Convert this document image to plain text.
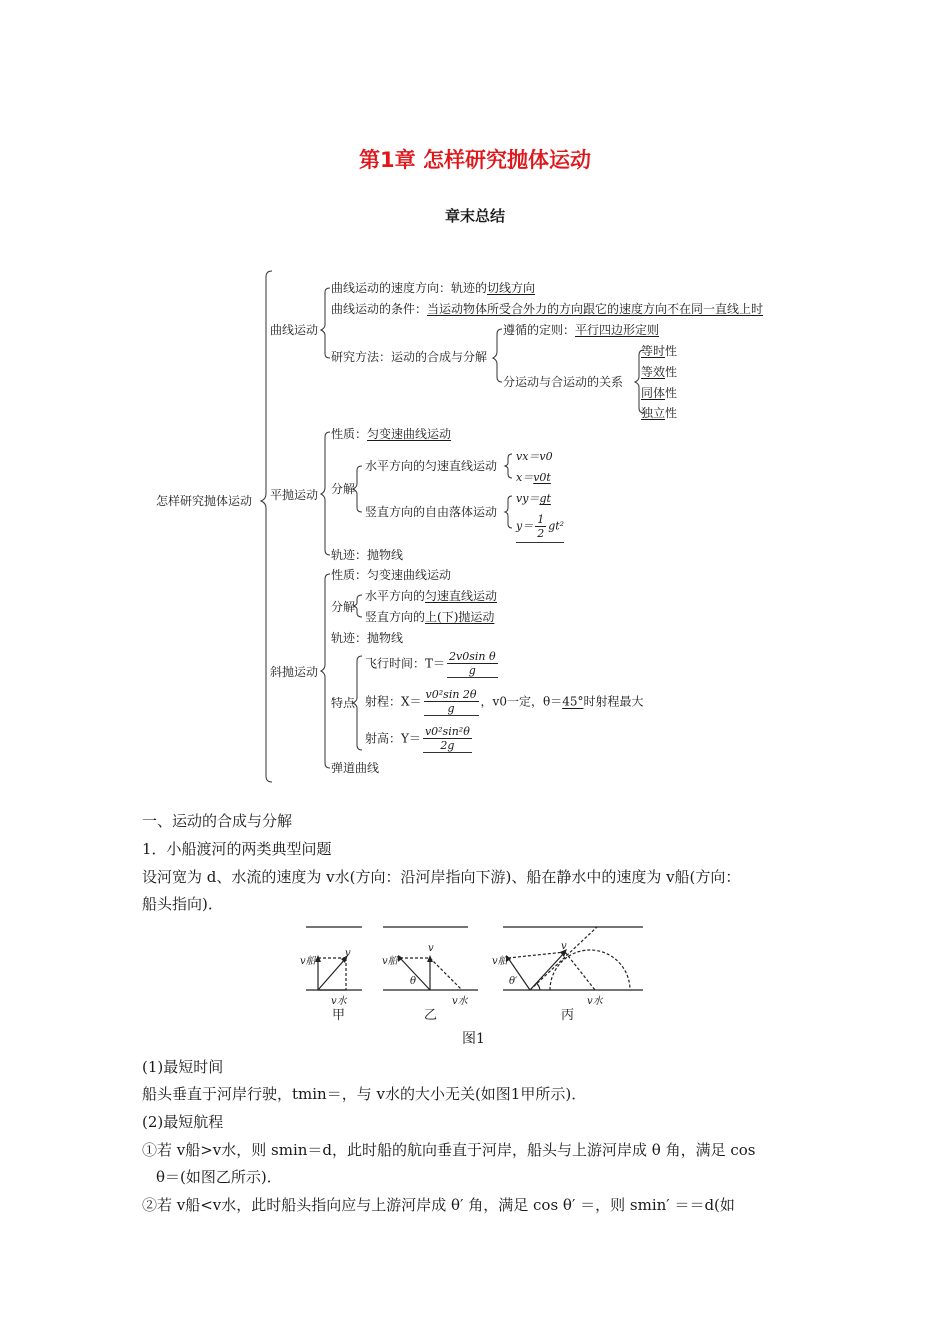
第1章 怎样研究抛体运动
章末总结
怎样研究抛体运动
曲线运动
曲线运动的速度方向：轨迹的切线方向
曲线运动的条件：当运动物体所受合外力的方向跟它的速度方向不在同一直线上时
研究方法：运动的合成与分解
遵循的定则：平行四边形定则
分运动与合运动的关系
等时性
等效性
同体性
独立性
平抛运动
性质：匀变速曲线运动
分解
水平方向的匀速直线运动
vx＝v0
x＝v0t
竖直方向的自由落体运动
vy＝gt
$y= \frac{1}{2} gt^2$
轨迹：抛物线
斜抛运动
性质：匀变速曲线运动
分解
水平方向的匀速直线运动
竖直方向的上(下)抛运动
轨迹：抛物线
特点
飞行时间：$T= \frac{\text{2v0sin θ}}{g}$
射程：$X= \frac{\text{v0²sin 2θ}}{g}$ ，v0一定，θ＝45°时射程最大
射高：$Y= \frac{\text{v0²sin²θ}}{2g}$
弹道曲线
一、运动的合成与分解
1．小船渡河的两类典型问题
设河宽为 d、水流的速度为 v水(方向：沿河岸指向下游)、船在静水中的速度为 v船(方向：
船头指向)．
v船
v
v水
v船
v
θ
v水
v船
v
θ′
v水
甲	乙	丙
图1
(1)最短时间
船头垂直于河岸行驶，tmin＝，与 v水的大小无关(如图1甲所示)．
(2)最短航程
①若 v船>v水，则 smin＝d，此时船的航向垂直于河岸，船头与上游河岸成 θ 角，满足 cos
θ＝(如图乙所示)．
②若 v船<v水，此时船头指向应与上游河岸成 θ′ 角，满足 cos θ′ ＝，则 smin′ ＝＝d(如
